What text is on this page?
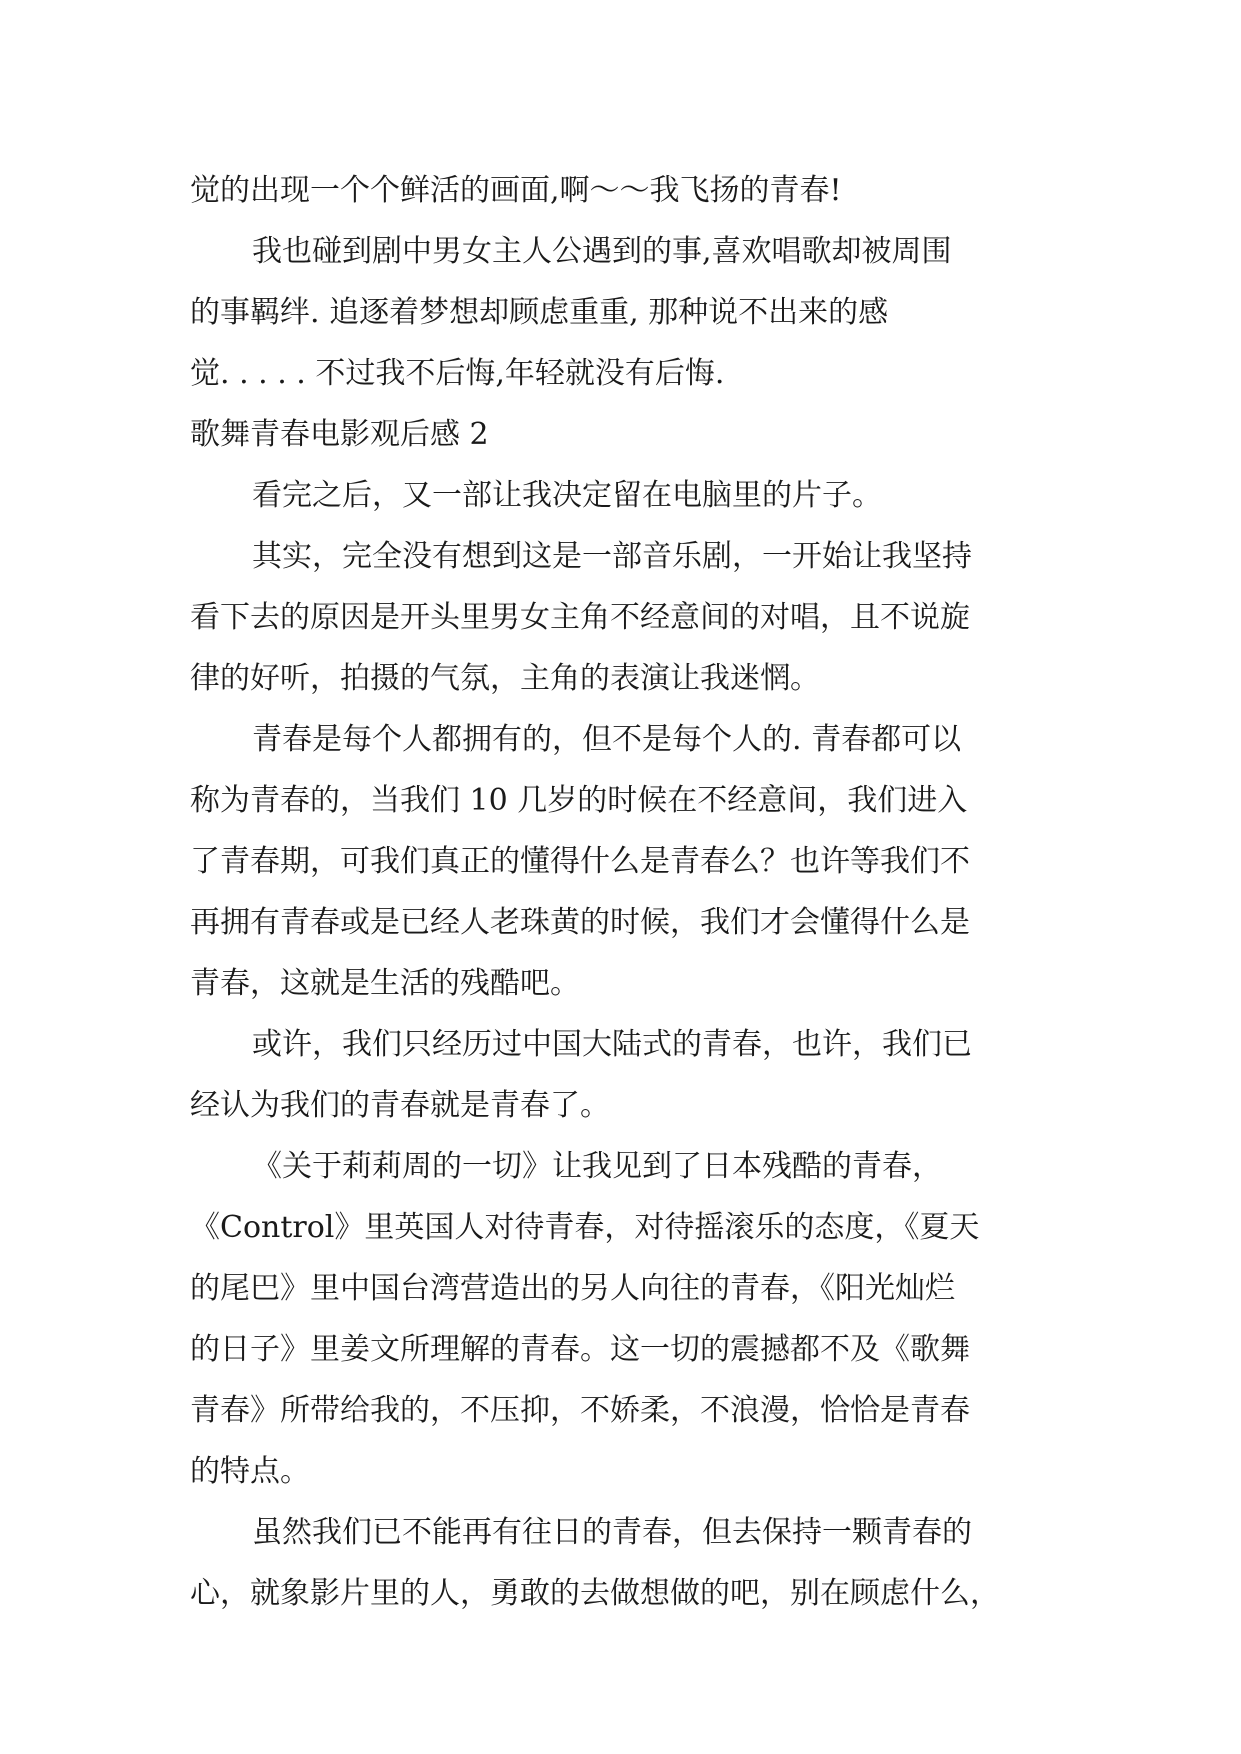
觉的出现一个个鲜活的画面,啊～～我飞扬的青春!
我也碰到剧中男女主人公遇到的事,喜欢唱歌却被周围
的事羁绊. 追逐着梦想却顾虑重重, 那种说不出来的感
觉. . . . . 不过我不后悔,年轻就没有后悔.
歌舞青春电影观后感 2
看完之后，又一部让我决定留在电脑里的片子。
其实，完全没有想到这是一部音乐剧，一开始让我坚持
看下去的原因是开头里男女主角不经意间的对唱，且不说旋
律的好听，拍摄的气氛，主角的表演让我迷惘。
青春是每个人都拥有的，但不是每个人的. 青春都可以
称为青春的，当我们 10 几岁的时候在不经意间，我们进入
了青春期，可我们真正的懂得什么是青春么？也许等我们不
再拥有青春或是已经人老珠黄的时候，我们才会懂得什么是
青春，这就是生活的残酷吧。
或许，我们只经历过中国大陆式的青春，也许，我们已
经认为我们的青春就是青春了。
《关于莉莉周的一切》让我见到了日本残酷的青春，
《Control》里英国人对待青春，对待摇滚乐的态度，《夏天
的尾巴》里中国台湾营造出的另人向往的青春，《阳光灿烂
的日子》里姜文所理解的青春。这一切的震撼都不及《歌舞
青春》所带给我的，不压抑，不娇柔，不浪漫，恰恰是青春
的特点。
虽然我们已不能再有往日的青春，但去保持一颗青春的
心，就象影片里的人，勇敢的去做想做的吧，别在顾虑什么，
